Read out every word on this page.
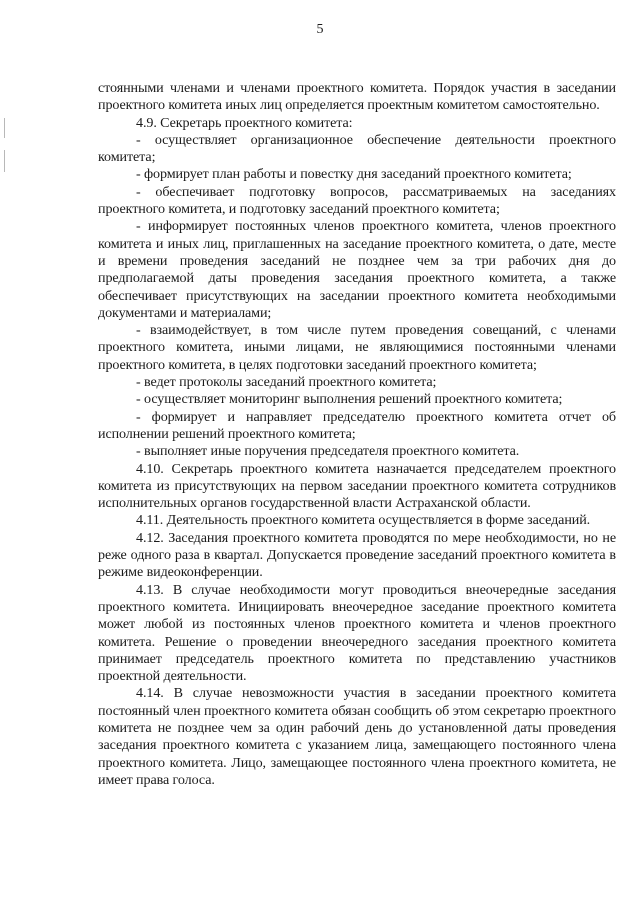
5

стоянными членами и членами проектного комитета. Порядок участия в заседании проектного комитета иных лиц определяется проектным комитетом самостоятельно.

4.9. Секретарь проектного комитета:

- осуществляет организационное обеспечение деятельности проектного комитета;

- формирует план работы и повестку дня заседаний проектного комитета;

- обеспечивает подготовку вопросов, рассматриваемых на заседаниях проектного комитета, и подготовку заседаний проектного комитета;

- информирует постоянных членов проектного комитета, членов проектного комитета и иных лиц, приглашенных на заседание проектного комитета, о дате, месте и времени проведения заседаний не позднее чем за три рабочих дня до предполагаемой даты проведения заседания проектного комитета, а также обеспечивает присутствующих на заседании проектного комитета необходимыми документами и материалами;

- взаимодействует, в том числе путем проведения совещаний, с членами проектного комитета, иными лицами, не являющимися постоянными членами проектного комитета, в целях подготовки заседаний проектного комитета;

- ведет протоколы заседаний проектного комитета;

- осуществляет мониторинг выполнения решений проектного комитета;

- формирует и направляет председателю проектного комитета отчет об исполнении решений проектного комитета;

- выполняет иные поручения председателя проектного комитета.

4.10. Секретарь проектного комитета назначается председателем проектного комитета из присутствующих на первом заседании проектного комитета сотрудников исполнительных органов государственной власти Астраханской области.

4.11. Деятельность проектного комитета осуществляется в форме заседаний.

4.12. Заседания проектного комитета проводятся по мере необходимости, но не реже одного раза в квартал. Допускается проведение заседаний проектного комитета в режиме видеоконференции.

4.13. В случае необходимости могут проводиться внеочередные заседания проектного комитета. Инициировать внеочередное заседание проектного комитета может любой из постоянных членов проектного комитета и членов проектного комитета. Решение о проведении внеочередного заседания проектного комитета принимает председатель проектного комитета по представлению участников проектной деятельности.

4.14. В случае невозможности участия в заседании проектного комитета постоянный член проектного комитета обязан сообщить об этом секретарю проектного комитета не позднее чем за один рабочий день до установленной даты проведения заседания проектного комитета с указанием лица, замещающего постоянного члена проектного комитета. Лицо, замещающее постоянного члена проектного комитета, не имеет права голоса.
